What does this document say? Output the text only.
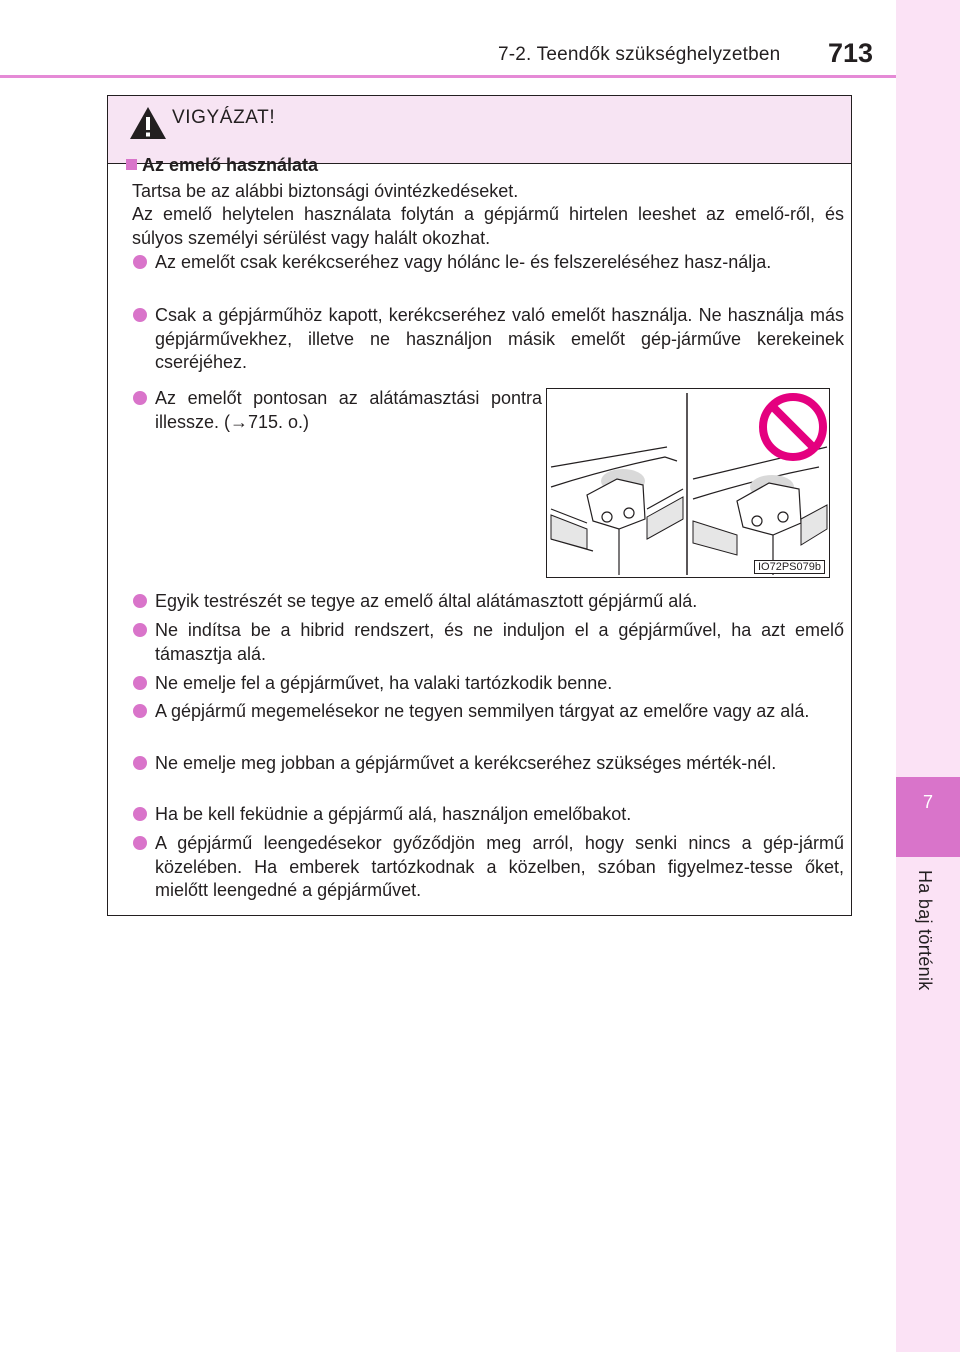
7-2. Teendők szükséghelyzetben 713
7
Ha baj történik
VIGYÁZAT!
Az emelő használata
Tartsa be az alábbi biztonsági óvintézkedéseket.
Az emelő helytelen használata folytán a gépjármű hirtelen leeshet az emelő-ről, és súlyos személyi sérülést vagy halált okozhat.
Az emelőt csak kerékcseréhez vagy hólánc le- és felszereléséhez hasz-nálja.
Csak a gépjárműhöz kapott, kerékcseréhez való emelőt használja. Ne használja más gépjárművekhez, illetve ne használjon másik emelőt gép-járműve kerekeinek cseréjéhez.
Az emelőt pontosan az alátámasztási pontra illessze. (→715. o.)
IO72PS079b
Egyik testrészét se tegye az emelő által alátámasztott gépjármű alá.
Ne indítsa be a hibrid rendszert, és ne induljon el a gépjárművel, ha azt emelő támasztja alá.
Ne emelje fel a gépjárművet, ha valaki tartózkodik benne.
A gépjármű megemelésekor ne tegyen semmilyen tárgyat az emelőre vagy az alá.
Ne emelje meg jobban a gépjárművet a kerékcseréhez szükséges mérték-nél.
Ha be kell feküdnie a gépjármű alá, használjon emelőbakot.
A gépjármű leengedésekor győződjön meg arról, hogy senki nincs a gép-jármű közelében. Ha emberek tartózkodnak a közelben, szóban figyelmez-tesse őket, mielőtt leengedné a gépjárművet.
